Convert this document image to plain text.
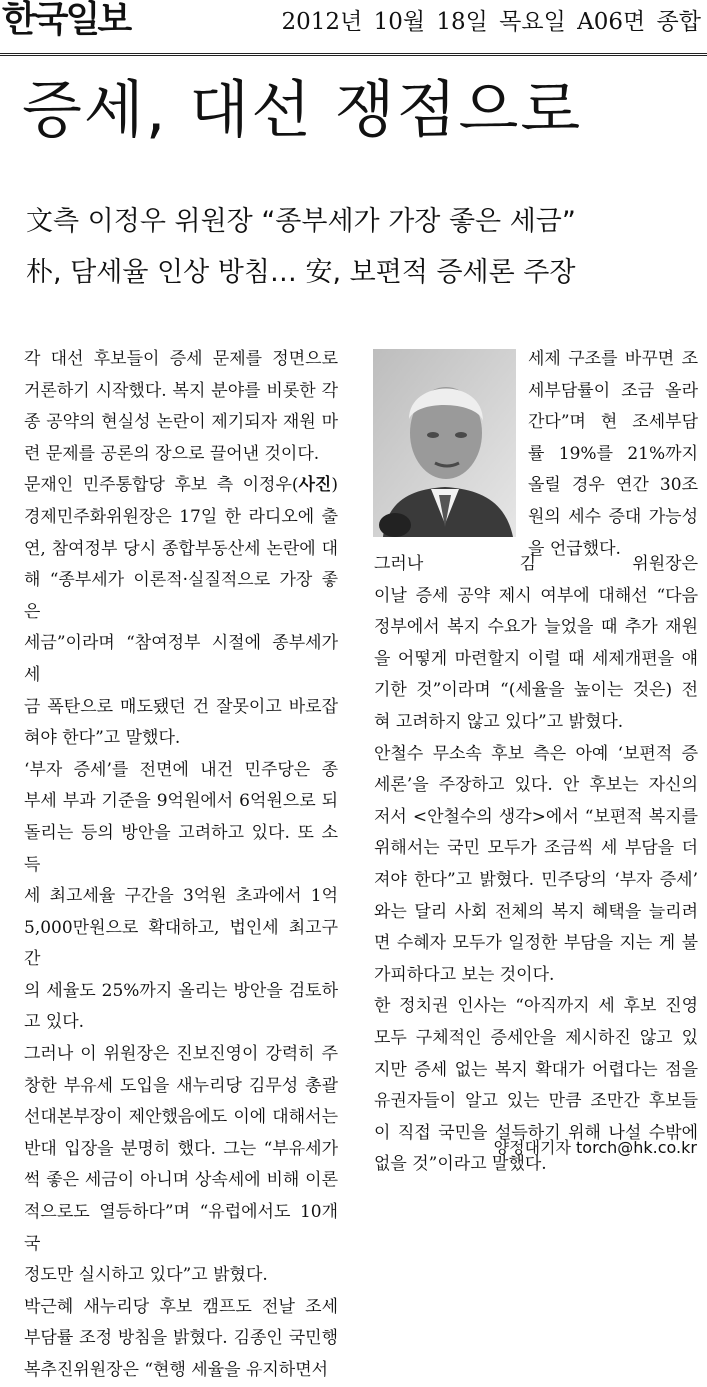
한국일보	2012년 10월 18일 목요일 A06면 종합
증세, 대선 쟁점으로
文측 이정우 위원장 “종부세가 가장 좋은 세금”
朴, 담세율 인상 방침… 安, 보편적 증세론 주장

각 대선 후보들이 증세 문제를 정면으로

거론하기 시작했다. 복지 분야를 비롯한 각

종 공약의 현실성 논란이 제기되자 재원 마

련 문제를 공론의 장으로 끌어낸 것이다.

문재인 민주통합당 후보 측 이정우(사진)

경제민주화위원장은 17일 한 라디오에 출

연, 참여정부 당시 종합부동산세 논란에 대

해 “종부세가 이론적·실질적으로 가장 좋은

세금”이라며 “참여정부 시절에 종부세가 세

금 폭탄으로 매도됐던 건 잘못이고 바로잡

혀야 한다”고 말했다.

‘부자 증세’를 전면에 내건 민주당은 종

부세 부과 기준을 9억원에서 6억원으로 되

돌리는 등의 방안을 고려하고 있다. 또 소득

세 최고세율 구간을 3억원 초과에서 1억

5,000만원으로 확대하고, 법인세 최고구간

의 세율도 25%까지 올리는 방안을 검토하

고 있다.

그러나 이 위원장은 진보진영이 강력히 주

창한 부유세 도입을 새누리당 김무성 총괄

선대본부장이 제안했음에도 이에 대해서는

반대 입장을 분명히 했다. 그는 “부유세가

썩 좋은 세금이 아니며 상속세에 비해 이론

적으로도 열등하다”며 “유럽에서도 10개국

정도만 실시하고 있다”고 밝혔다.

박근혜 새누리당 후보 캠프도 전날 조세

부담률 조정 방침을 밝혔다. 김종인 국민행

복추진위원장은 “현행 세율을 유지하면서

세제 구조를 바꾸면 조

세부담률이 조금 올라

간다”며 현 조세부담

률 19%를 21%까지

올릴 경우 연간 30조

원의 세수 증대 가능성

을 언급했다.

그러나 김 위원장은

이날 증세 공약 제시 여부에 대해선 “다음

정부에서 복지 수요가 늘었을 때 추가 재원

을 어떻게 마련할지 이럴 때 세제개편을 얘

기한 것”이라며 “(세율을 높이는 것은) 전

혀 고려하지 않고 있다”고 밝혔다.

안철수 무소속 후보 측은 아예 ‘보편적 증

세론’을 주장하고 있다. 안 후보는 자신의

저서 <안철수의 생각>에서 “보편적 복지를

위해서는 국민 모두가 조금씩 세 부담을 더

져야 한다”고 밝혔다. 민주당의 ‘부자 증세’

와는 달리 사회 전체의 복지 혜택을 늘리려

면 수혜자 모두가 일정한 부담을 지는 게 불

가피하다고 보는 것이다.

한 정치권 인사는 “아직까지 세 후보 진영

모두 구체적인 증세안을 제시하진 않고 있

지만 증세 없는 복지 확대가 어렵다는 점을

유권자들이 알고 있는 만큼 조만간 후보들

이 직접 국민을 설득하기 위해 나설 수밖에

없을 것”이라고 말했다.

양정대기자 torch@hk.co.kr
